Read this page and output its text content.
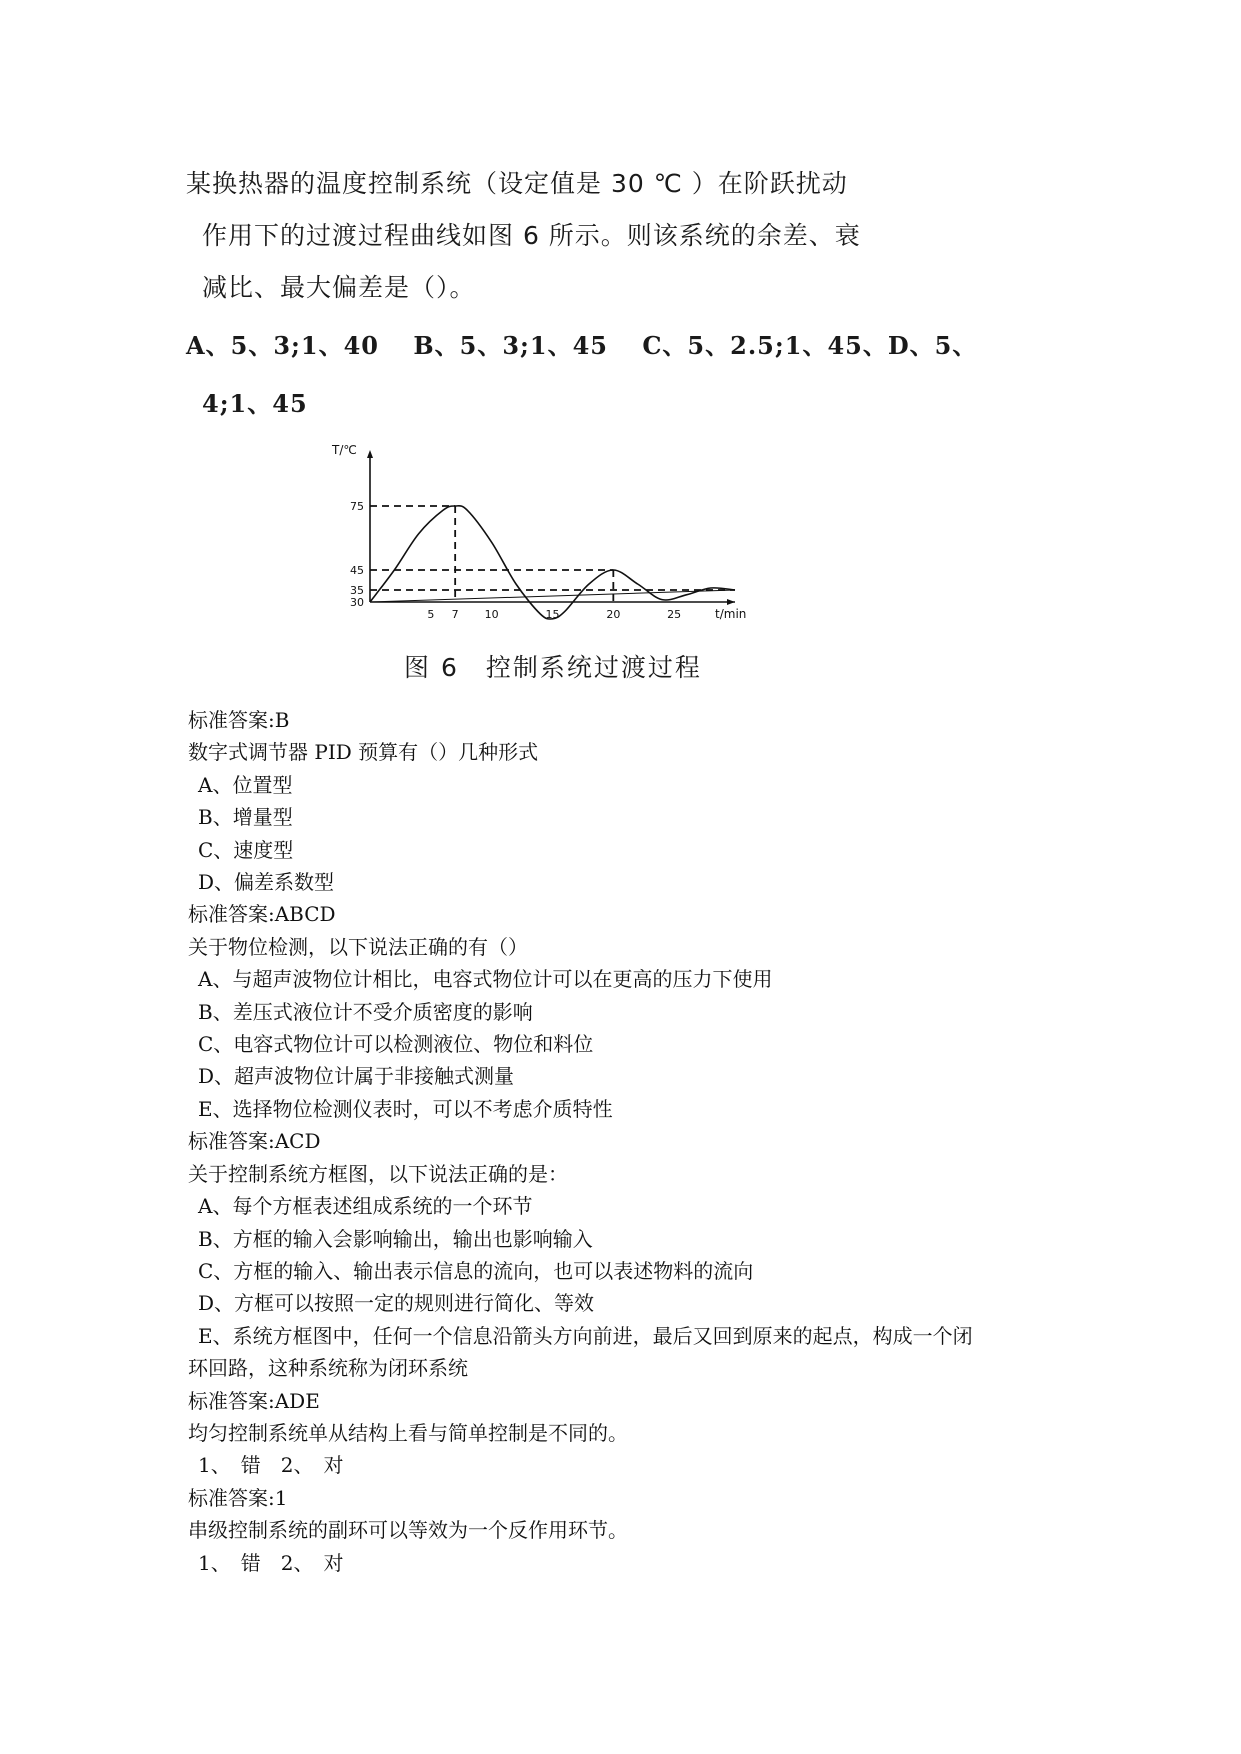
某换热器的温度控制系统（设定值是 30 ℃ ）在阶跃扰动

作用下的过渡过程曲线如图 6 所示。则该系统的余差、衰

减比、最大偏差是（）。

A、5、3;1、40　 B、5、3;1、45　 C、5、2.5;1、45、D、5、

4;1、45

T/℃
t/min
30
35
45
75
5 7 10	15	20	25
图 6　控制系统过渡过程
标准答案:B
数字式调节器 PID 预算有（）几种形式
A、位置型
B、增量型
C、速度型
D、偏差系数型
标准答案:ABCD
关于物位检测，以下说法正确的有（）
A、与超声波物位计相比，电容式物位计可以在更高的压力下使用
B、差压式液位计不受介质密度的影响
C、电容式物位计可以检测液位、物位和料位
D、超声波物位计属于非接触式测量
E、选择物位检测仪表时，可以不考虑介质特性
标准答案:ACD
关于控制系统方框图，以下说法正确的是：
A、每个方框表述组成系统的一个环节
B、方框的输入会影响输出，输出也影响输入
C、方框的输入、输出表示信息的流向，也可以表述物料的流向
D、方框可以按照一定的规则进行简化、等效
E、系统方框图中，任何一个信息沿箭头方向前进，最后又回到原来的起点，构成一个闭
环回路，这种系统称为闭环系统
标准答案:ADE
均匀控制系统单从结构上看与简单控制是不同的。
1、　错　2、　对
标准答案:1
串级控制系统的副环可以等效为一个反作用环节。
1、　错　2、　对
